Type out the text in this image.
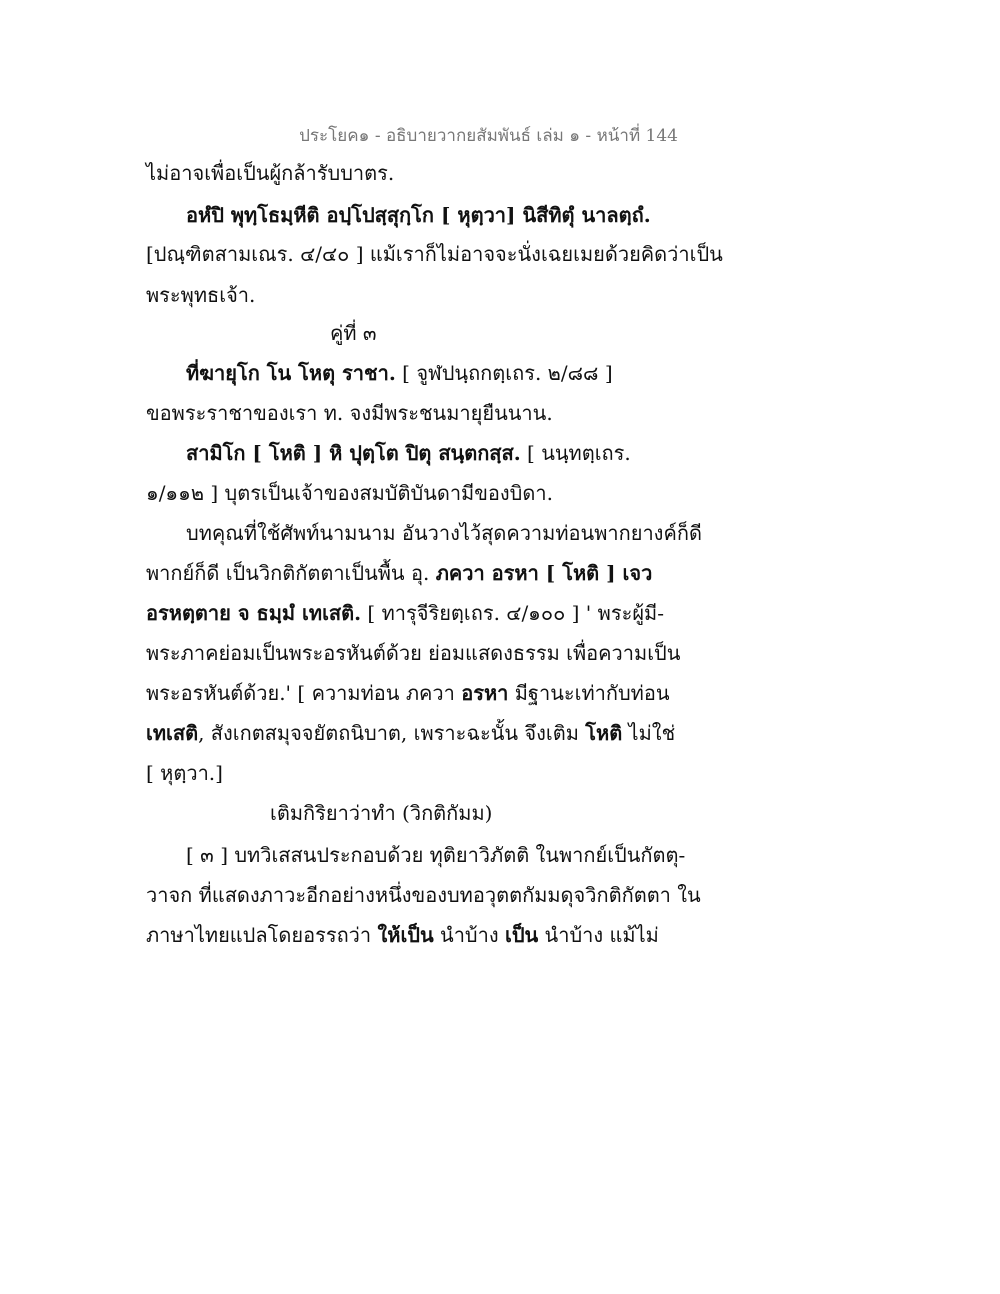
ประโยค๑ - อธิบายวากยสัมพันธ์ เล่ม ๑ - หน้าที่ 144
ไม่อาจเพื่อเป็นผู้กล้ารับบาตร.
อหํปิ พุทฺโธมฺหีติ อปฺโปสฺสุกฺโก [ หุตฺวา] นิสีทิตุํ นาลตฺถํ.
[ปณฺฑิตสามเณร. ๔/๔๐ ] แม้เราก็ไม่อาจจะนั่งเฉยเมยด้วยคิดว่าเป็น
พระพุทธเจ้า.
คู่ที่ ๓
ที่ฆายุโก โน โหตุ ราชา. [ จูฬปนฺถกตฺเถร. ๒/๘๘ ]
ขอพระราชาของเรา ท. จงมีพระชนมายุยืนนาน.
สามิโก [ โหติ ] หิ ปุตฺโต ปิตุ สนฺตกสฺส. [ นนฺทตฺเถร.
๑/๑๑๒ ] บุตรเป็นเจ้าของสมบัติบันดามีของบิดา.
บทคุณที่ใช้ศัพท์นามนาม อันวางไว้สุดความท่อนพากยางค์ก็ดี
พากย์ก็ดี เป็นวิกติกัตตาเป็นพื้น อุ. ภควา อรหา [ โหติ ] เจว
อรหตฺตาย จ ธมฺมํ เทเสติ. [ ทารุจีริยตฺเถร. ๔/๑๐๐ ] ' พระผู้มี-
พระภาคย่อมเป็นพระอรหันต์ด้วย ย่อมแสดงธรรม เพื่อความเป็น
พระอรหันต์ด้วย.' [ ความท่อน ภควา อรหา มีฐานะเท่ากับท่อน
เทเสติ, สังเกตสมุจจยัตถนิบาต, เพราะฉะนั้น จึงเติม โหติ ไม่ใช่
[ หุตฺวา.]
เติมกิริยาว่าทำ (วิกติกัมม)
[ ๓ ] บทวิเสสนประกอบด้วย ทุติยาวิภัตติ ในพากย์เป็นกัตตุ-
วาจก ที่แสดงภาวะอีกอย่างหนึ่งของบทอวุตตกัมมดุจวิกติกัตตา ใน
ภาษาไทยแปลโดยอรรถว่า ให้เป็น นำบ้าง เป็น นำบ้าง แม้ไม่
